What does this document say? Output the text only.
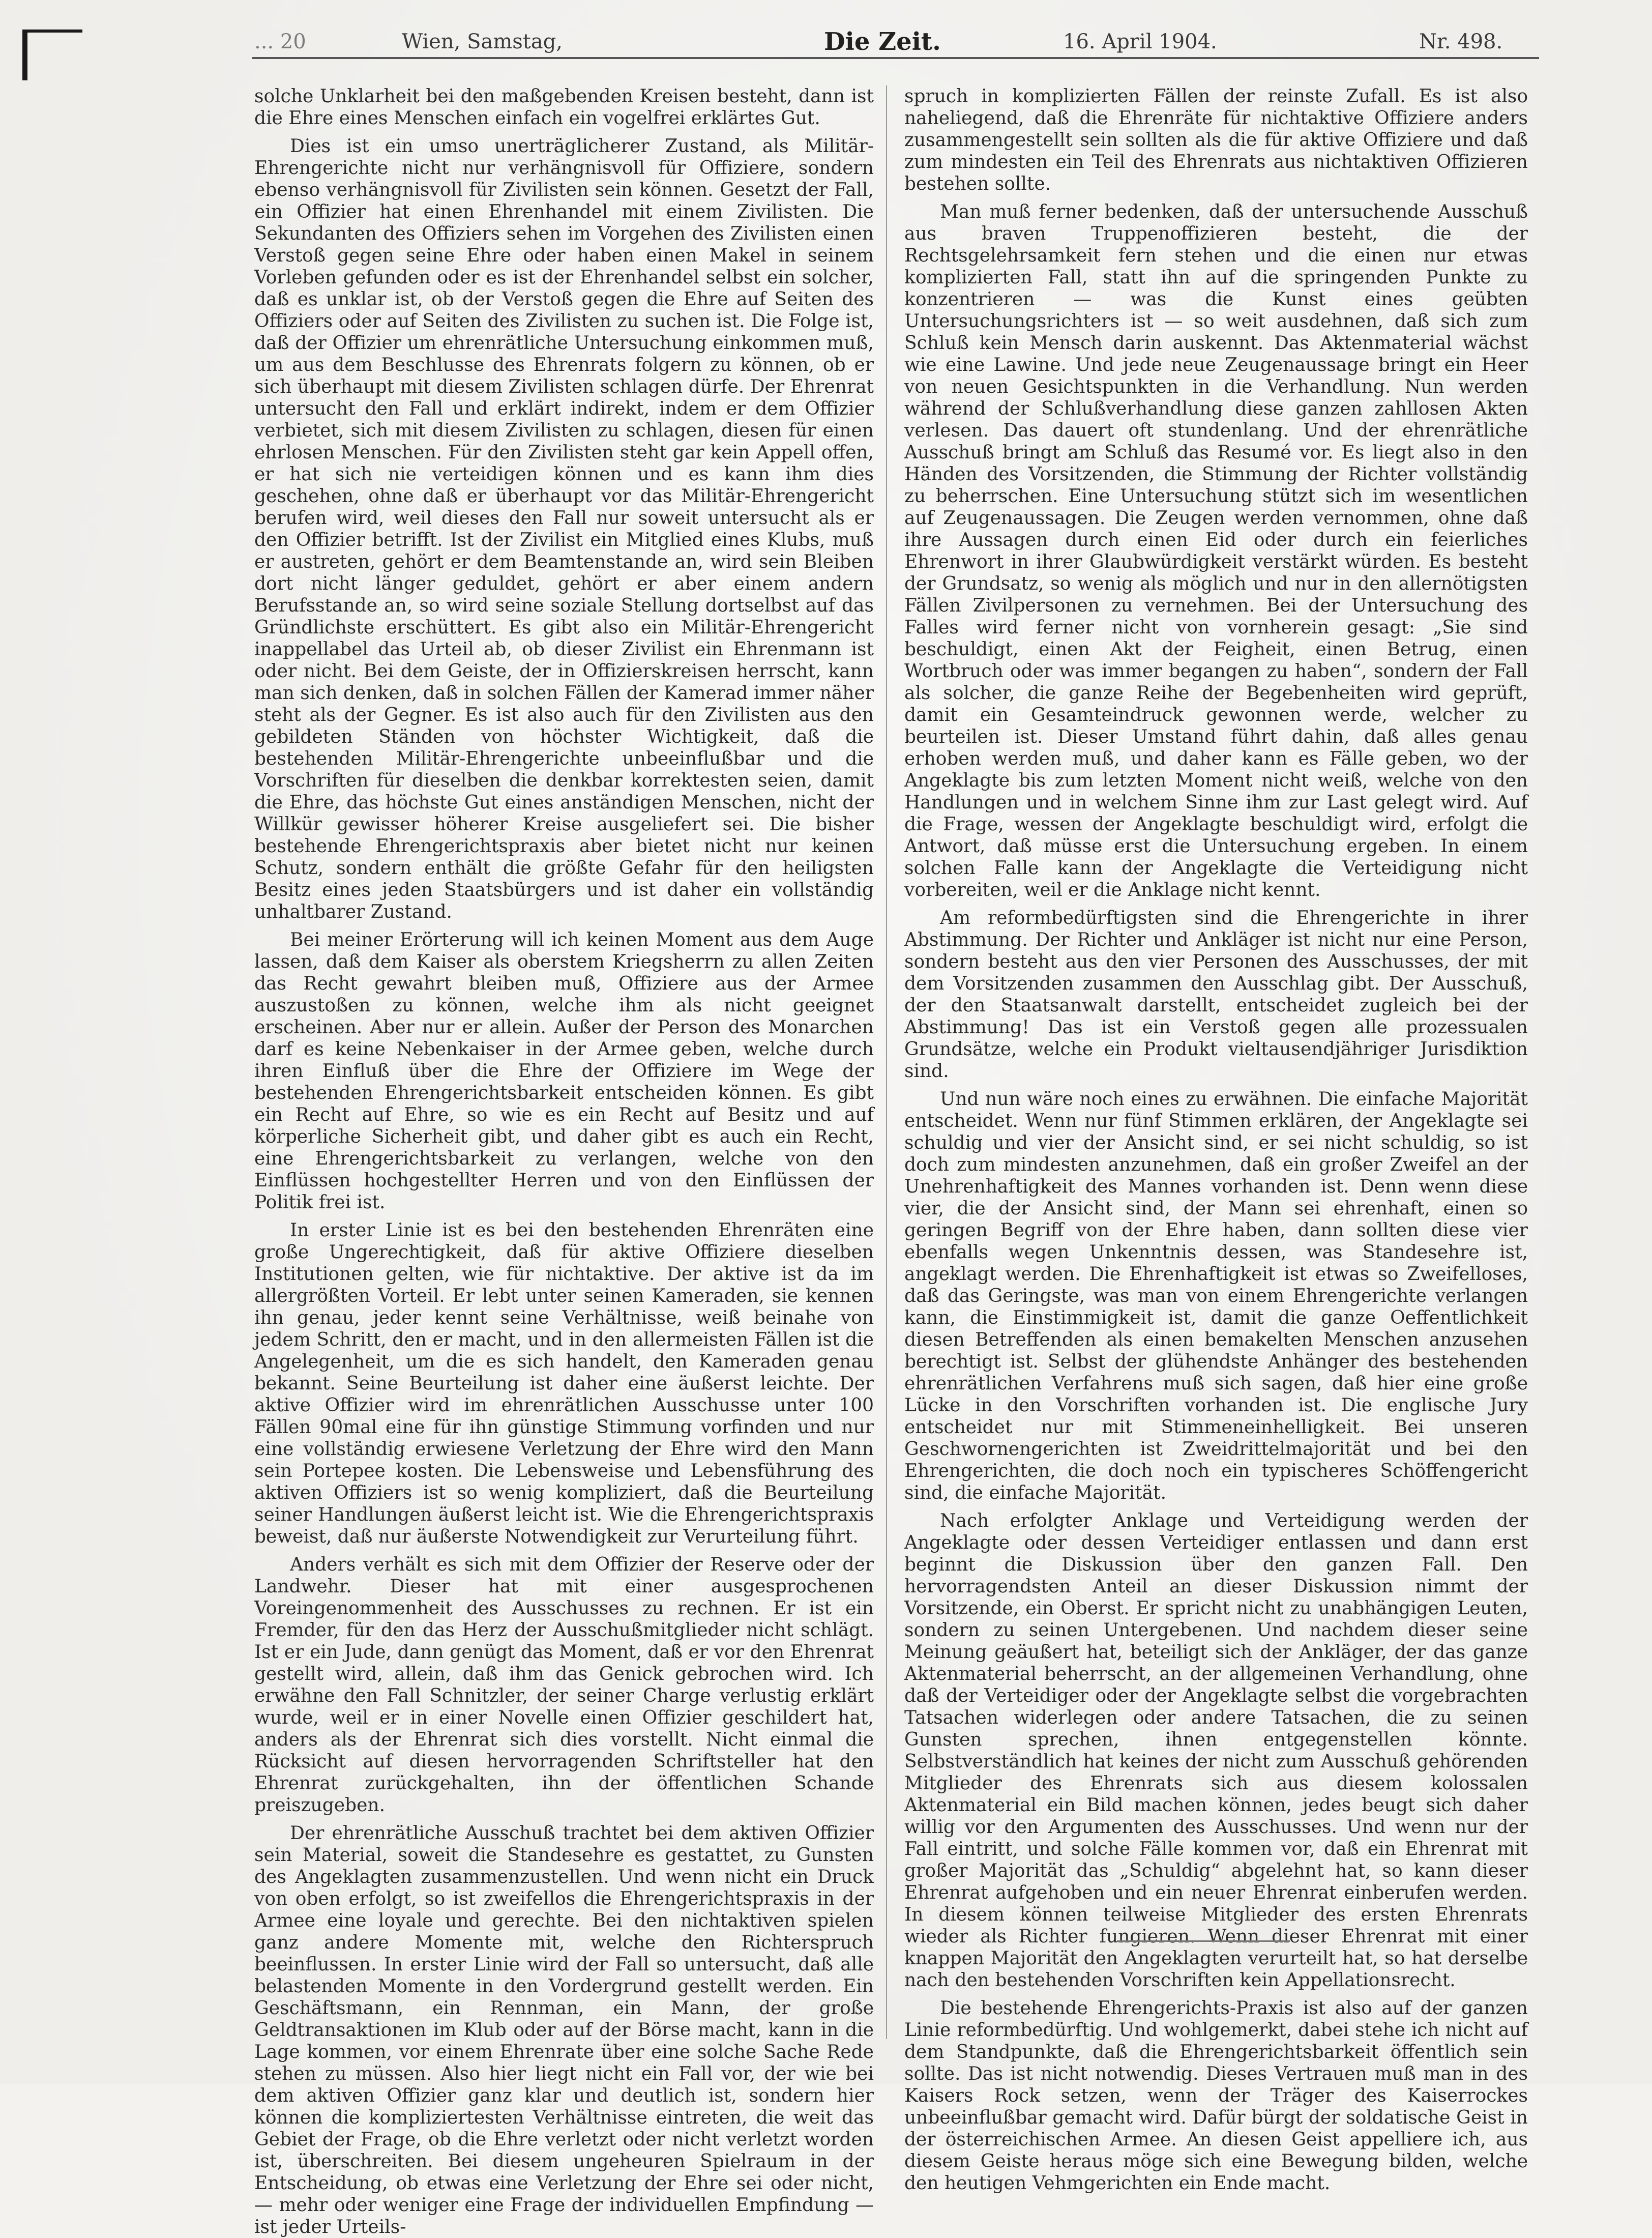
... 20	Wien, Samstag,	Die Zeit.	16. April 1904.	Nr. 498.

solche Unklarheit bei den maßgebenden Kreisen besteht, dann ist die Ehre eines Menschen einfach ein vogelfrei erklärtes Gut.

Dies ist ein umso unerträglicherer Zustand, als Militär-Ehrengerichte nicht nur verhängnisvoll für Offiziere, sondern ebenso verhängnisvoll für Zivilisten sein können. Gesetzt der Fall, ein Offizier hat einen Ehrenhandel mit einem Zivilisten. Die Sekundanten des Offiziers sehen im Vorgehen des Zivilisten einen Verstoß gegen seine Ehre oder haben einen Makel in seinem Vorleben gefunden oder es ist der Ehrenhandel selbst ein solcher, daß es unklar ist, ob der Verstoß gegen die Ehre auf Seiten des Offiziers oder auf Seiten des Zivilisten zu suchen ist. Die Folge ist, daß der Offizier um ehrenrätliche Untersuchung einkommen muß, um aus dem Beschlusse des Ehrenrats folgern zu können, ob er sich überhaupt mit diesem Zivilisten schlagen dürfe. Der Ehrenrat untersucht den Fall und erklärt indirekt, indem er dem Offizier verbietet, sich mit diesem Zivilisten zu schlagen, diesen für einen ehrlosen Menschen. Für den Zivilisten steht gar kein Appell offen, er hat sich nie verteidigen können und es kann ihm dies geschehen, ohne daß er überhaupt vor das Militär-Ehrengericht berufen wird, weil dieses den Fall nur soweit untersucht als er den Offizier betrifft. Ist der Zivilist ein Mitglied eines Klubs, muß er austreten, gehört er dem Beamtenstande an, wird sein Bleiben dort nicht länger geduldet, gehört er aber einem andern Berufsstande an, so wird seine soziale Stellung dortselbst auf das Gründlichste erschüttert. Es gibt also ein Militär-Ehrengericht inappellabel das Urteil ab, ob dieser Zivilist ein Ehrenmann ist oder nicht. Bei dem Geiste, der in Offizierskreisen herrscht, kann man sich denken, daß in solchen Fällen der Kamerad immer näher steht als der Gegner. Es ist also auch für den Zivilisten aus den gebildeten Ständen von höchster Wichtigkeit, daß die bestehenden Militär-Ehrengerichte unbeeinflußbar und die Vorschriften für dieselben die denkbar korrektesten seien, damit die Ehre, das höchste Gut eines anständigen Menschen, nicht der Willkür gewisser höherer Kreise ausgeliefert sei. Die bisher bestehende Ehrengerichtspraxis aber bietet nicht nur keinen Schutz, sondern enthält die größte Gefahr für den heiligsten Besitz eines jeden Staatsbürgers und ist daher ein vollständig unhaltbarer Zustand.

Bei meiner Erörterung will ich keinen Moment aus dem Auge lassen, daß dem Kaiser als oberstem Kriegsherrn zu allen Zeiten das Recht gewahrt bleiben muß, Offiziere aus der Armee auszustoßen zu können, welche ihm als nicht geeignet erscheinen. Aber nur er allein. Außer der Person des Monarchen darf es keine Nebenkaiser in der Armee geben, welche durch ihren Einfluß über die Ehre der Offiziere im Wege der bestehenden Ehrengerichtsbarkeit entscheiden können. Es gibt ein Recht auf Ehre, so wie es ein Recht auf Besitz und auf körperliche Sicherheit gibt, und daher gibt es auch ein Recht, eine Ehrengerichtsbarkeit zu verlangen, welche von den Einflüssen hochgestellter Herren und von den Einflüssen der Politik frei ist.

In erster Linie ist es bei den bestehenden Ehrenräten eine große Ungerechtigkeit, daß für aktive Offiziere dieselben Institutionen gelten, wie für nichtaktive. Der aktive ist da im allergrößten Vorteil. Er lebt unter seinen Kameraden, sie kennen ihn genau, jeder kennt seine Verhältnisse, weiß beinahe von jedem Schritt, den er macht, und in den allermeisten Fällen ist die Angelegenheit, um die es sich handelt, den Kameraden genau bekannt. Seine Beurteilung ist daher eine äußerst leichte. Der aktive Offizier wird im ehrenrätlichen Ausschusse unter 100 Fällen 90mal eine für ihn günstige Stimmung vorfinden und nur eine vollständig erwiesene Verletzung der Ehre wird den Mann sein Portepee kosten. Die Lebensweise und Lebensführung des aktiven Offiziers ist so wenig kompliziert, daß die Beurteilung seiner Handlungen äußerst leicht ist. Wie die Ehrengerichtspraxis beweist, daß nur äußerste Notwendigkeit zur Verurteilung führt.

Anders verhält es sich mit dem Offizier der Reserve oder der Landwehr. Dieser hat mit einer ausgesprochenen Voreingenommenheit des Ausschusses zu rechnen. Er ist ein Fremder, für den das Herz der Ausschußmitglieder nicht schlägt. Ist er ein Jude, dann genügt das Moment, daß er vor den Ehrenrat gestellt wird, allein, daß ihm das Genick gebrochen wird. Ich erwähne den Fall Schnitzler, der seiner Charge verlustig erklärt wurde, weil er in einer Novelle einen Offizier geschildert hat, anders als der Ehrenrat sich dies vorstellt. Nicht einmal die Rücksicht auf diesen hervorragenden Schriftsteller hat den Ehrenrat zurückgehalten, ihn der öffentlichen Schande preiszugeben.

Der ehrenrätliche Ausschuß trachtet bei dem aktiven Offizier sein Material, soweit die Standesehre es gestattet, zu Gunsten des Angeklagten zusammenzustellen. Und wenn nicht ein Druck von oben erfolgt, so ist zweifellos die Ehrengerichtspraxis in der Armee eine loyale und gerechte. Bei den nichtaktiven spielen ganz andere Momente mit, welche den Richterspruch beeinflussen. In erster Linie wird der Fall so untersucht, daß alle belastenden Momente in den Vordergrund gestellt werden. Ein Geschäftsmann, ein Rennman, ein Mann, der große Geldtransaktionen im Klub oder auf der Börse macht, kann in die Lage kommen, vor einem Ehrenrate über eine solche Sache Rede stehen zu müssen. Also hier liegt nicht ein Fall vor, der wie bei dem aktiven Offizier ganz klar und deutlich ist, sondern hier können die kompliziertesten Verhältnisse eintreten, die weit das Gebiet der Frage, ob die Ehre verletzt oder nicht verletzt worden ist, überschreiten. Bei diesem ungeheuren Spielraum in der Entscheidung, ob etwas eine Verletzung der Ehre sei oder nicht, — mehr oder weniger eine Frage der individuellen Empfindung — ist jeder Urteils-

spruch in komplizierten Fällen der reinste Zufall. Es ist also naheliegend, daß die Ehrenräte für nichtaktive Offiziere anders zusammengestellt sein sollten als die für aktive Offiziere und daß zum mindesten ein Teil des Ehrenrats aus nichtaktiven Offizieren bestehen sollte.

Man muß ferner bedenken, daß der untersuchende Ausschuß aus braven Truppenoffizieren besteht, die der Rechtsgelehrsamkeit fern stehen und die einen nur etwas komplizierten Fall, statt ihn auf die springenden Punkte zu konzentrieren — was die Kunst eines geübten Untersuchungsrichters ist — so weit ausdehnen, daß sich zum Schluß kein Mensch darin auskennt. Das Aktenmaterial wächst wie eine Lawine. Und jede neue Zeugenaussage bringt ein Heer von neuen Gesichtspunkten in die Verhandlung. Nun werden während der Schlußverhandlung diese ganzen zahllosen Akten verlesen. Das dauert oft stundenlang. Und der ehrenrätliche Ausschuß bringt am Schluß das Resumé vor. Es liegt also in den Händen des Vorsitzenden, die Stimmung der Richter vollständig zu beherrschen. Eine Untersuchung stützt sich im wesentlichen auf Zeugenaussagen. Die Zeugen werden vernommen, ohne daß ihre Aussagen durch einen Eid oder durch ein feierliches Ehrenwort in ihrer Glaubwürdigkeit verstärkt würden. Es besteht der Grundsatz, so wenig als möglich und nur in den allernötigsten Fällen Zivilpersonen zu vernehmen. Bei der Untersuchung des Falles wird ferner nicht von vornherein gesagt: „Sie sind beschuldigt, einen Akt der Feigheit, einen Betrug, einen Wortbruch oder was immer begangen zu haben“, sondern der Fall als solcher, die ganze Reihe der Begebenheiten wird geprüft, damit ein Gesamteindruck gewonnen werde, welcher zu beurteilen ist. Dieser Umstand führt dahin, daß alles genau erhoben werden muß, und daher kann es Fälle geben, wo der Angeklagte bis zum letzten Moment nicht weiß, welche von den Handlungen und in welchem Sinne ihm zur Last gelegt wird. Auf die Frage, wessen der Angeklagte beschuldigt wird, erfolgt die Antwort, daß müsse erst die Untersuchung ergeben. In einem solchen Falle kann der Angeklagte die Verteidigung nicht vorbereiten, weil er die Anklage nicht kennt.

Am reformbedürftigsten sind die Ehrengerichte in ihrer Abstimmung. Der Richter und Ankläger ist nicht nur eine Person, sondern besteht aus den vier Personen des Ausschusses, der mit dem Vorsitzenden zusammen den Ausschlag gibt. Der Ausschuß, der den Staatsanwalt darstellt, entscheidet zugleich bei der Abstimmung! Das ist ein Verstoß gegen alle prozessualen Grundsätze, welche ein Produkt vieltausendjähriger Jurisdiktion sind.

Und nun wäre noch eines zu erwähnen. Die einfache Majorität entscheidet. Wenn nur fünf Stimmen erklären, der Angeklagte sei schuldig und vier der Ansicht sind, er sei nicht schuldig, so ist doch zum mindesten anzunehmen, daß ein großer Zweifel an der Unehrenhaftigkeit des Mannes vorhanden ist. Denn wenn diese vier, die der Ansicht sind, der Mann sei ehrenhaft, einen so geringen Begriff von der Ehre haben, dann sollten diese vier ebenfalls wegen Unkenntnis dessen, was Standesehre ist, angeklagt werden. Die Ehrenhaftigkeit ist etwas so Zweifelloses, daß das Geringste, was man von einem Ehrengerichte verlangen kann, die Einstimmigkeit ist, damit die ganze Oeffentlichkeit diesen Betreffenden als einen bemakelten Menschen anzusehen berechtigt ist. Selbst der glühendste Anhänger des bestehenden ehrenrätlichen Verfahrens muß sich sagen, daß hier eine große Lücke in den Vorschriften vorhanden ist. Die englische Jury entscheidet nur mit Stimmeneinhelligkeit. Bei unseren Geschwornengerichten ist Zweidrittelmajorität und bei den Ehrengerichten, die doch noch ein typischeres Schöffengericht sind, die einfache Majorität.

Nach erfolgter Anklage und Verteidigung werden der Angeklagte oder dessen Verteidiger entlassen und dann erst beginnt die Diskussion über den ganzen Fall. Den hervorragendsten Anteil an dieser Diskussion nimmt der Vorsitzende, ein Oberst. Er spricht nicht zu unabhängigen Leuten, sondern zu seinen Untergebenen. Und nachdem dieser seine Meinung geäußert hat, beteiligt sich der Ankläger, der das ganze Aktenmaterial beherrscht, an der allgemeinen Verhandlung, ohne daß der Verteidiger oder der Angeklagte selbst die vorgebrachten Tatsachen widerlegen oder andere Tatsachen, die zu seinen Gunsten sprechen, ihnen entgegenstellen könnte. Selbstverständlich hat keines der nicht zum Ausschuß gehörenden Mitglieder des Ehrenrats sich aus diesem kolossalen Aktenmaterial ein Bild machen können, jedes beugt sich daher willig vor den Argumenten des Ausschusses. Und wenn nur der Fall eintritt, und solche Fälle kommen vor, daß ein Ehrenrat mit großer Majorität das „Schuldig“ abgelehnt hat, so kann dieser Ehrenrat aufgehoben und ein neuer Ehrenrat einberufen werden. In diesem können teilweise Mitglieder des ersten Ehrenrats wieder als Richter fungieren. Wenn dieser Ehrenrat mit einer knappen Majorität den Angeklagten verurteilt hat, so hat derselbe nach den bestehenden Vorschriften kein Appellationsrecht.

Die bestehende Ehrengerichts-Praxis ist also auf der ganzen Linie reformbedürftig. Und wohlgemerkt, dabei stehe ich nicht auf dem Standpunkte, daß die Ehrengerichtsbarkeit öffentlich sein sollte. Das ist nicht notwendig. Dieses Vertrauen muß man in des Kaisers Rock setzen, wenn der Träger des Kaiserrockes unbeeinflußbar gemacht wird. Dafür bürgt der soldatische Geist in der österreichischen Armee. An diesen Geist appelliere ich, aus diesem Geiste heraus möge sich eine Bewegung bilden, welche den heutigen Vehmgerichten ein Ende macht.
